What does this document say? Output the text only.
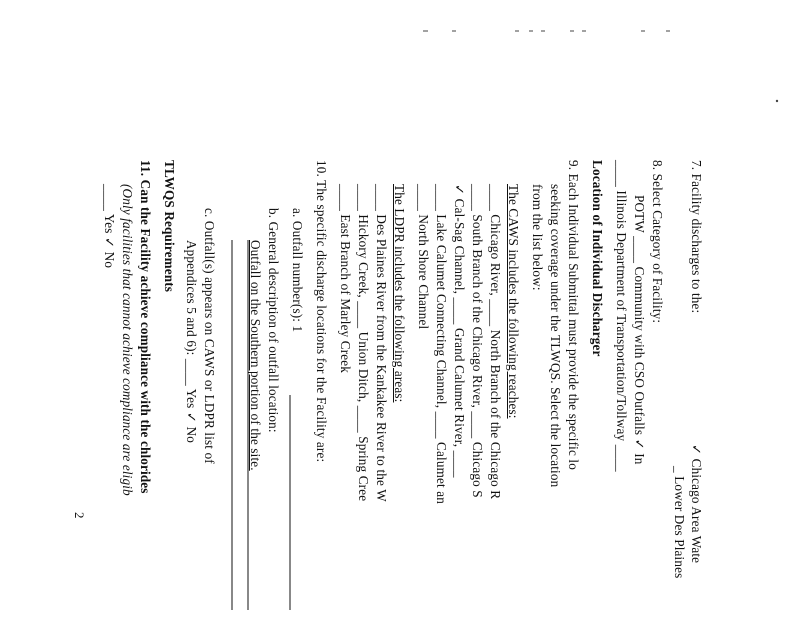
2
7. Facility discharges to the:
✓ Chicago Area Wate
_ Lower Des Plaines
8. Select Category of Facility:
POTW ____ Community with CSO Outfalls ✓ In
____ Illinois Department of Transportation/Tollway ____
Location of Individual Discharger
9. Each Individual Submittal must provide the specific lo
seeking coverage under the TLWQS. Select the location
from the list below:
The CAWS includes the following reaches:
____ Chicago River, ____ North Branch of the Chicago R
____ South Branch of the Chicago River, ____ Chicago S
✓ Cal-Sag Channel, ____ Grand Calumet River, ____
____ Lake Calumet Connecting Channel, ____ Calumet an
____ North Shore Channel
The LDPR includes the following areas:
____ Des Plaines River from the Kankakee River to the W
____ Hickory Creek, ____ Union Ditch, ____ Spring Cree
____ East Branch of Marley Creek
10. The specific discharge locations for the Facility are:
a. Outfall number(s): 1
b. General description of outfall location:
Outfall on the Southern portion of the site.
c. Outfall(s) appears on CAWS or LDPR list of
Appendices 5 and 6): ____ Yes ✓ No
TLWQS Requirements
11. Can the Facility achieve compliance with the chlorides
(Only facilities that cannot achieve compliance are eligib
____ Yes ✓ No
